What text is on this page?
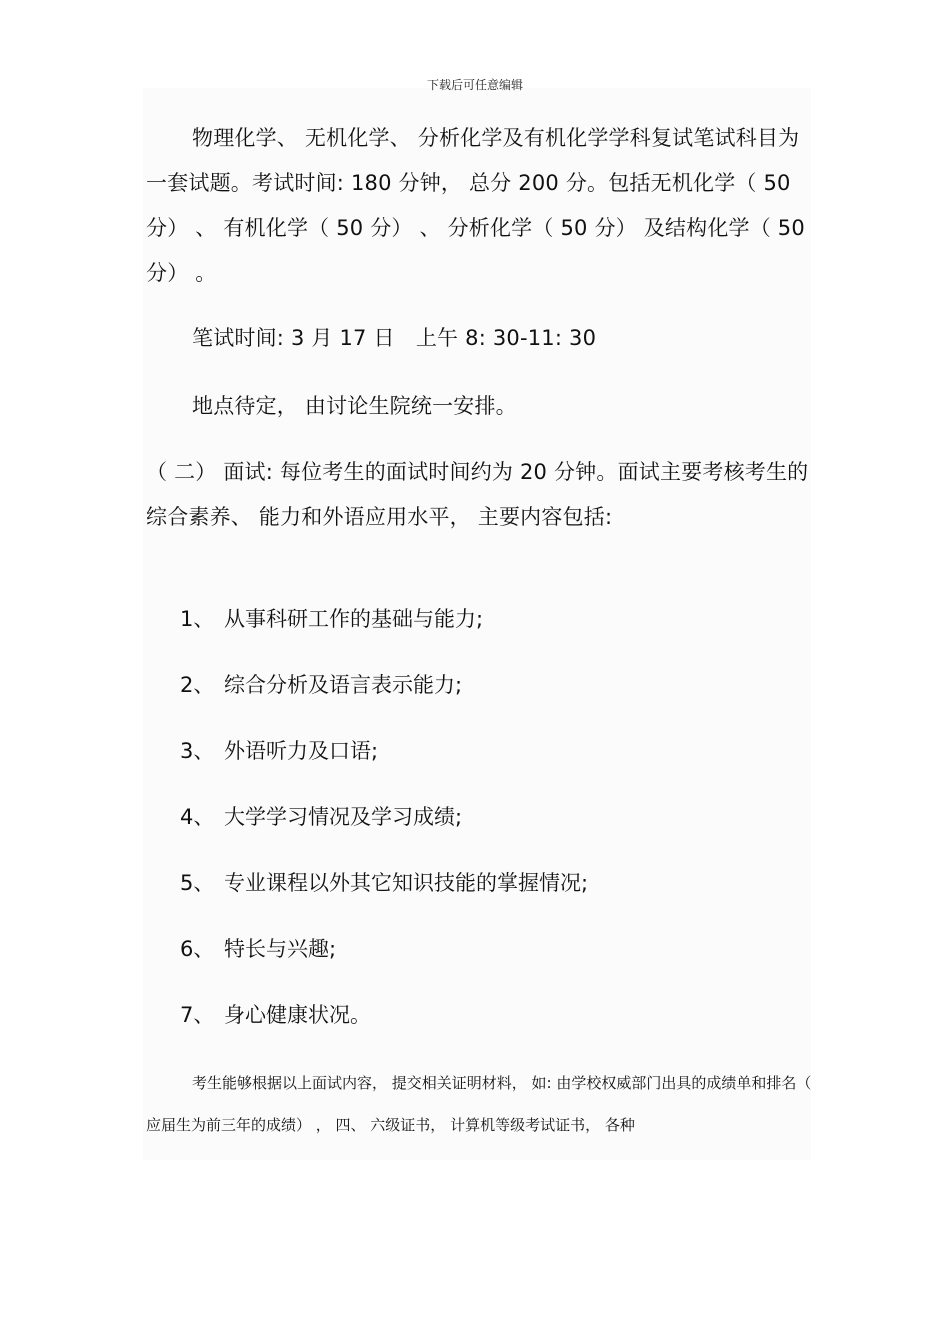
下载后可任意编辑

物理化学、 无机化学、 分析化学及有机化学学科复试笔试科目为一套试题。考试时间: 180 分钟， 总分 200 分。包括无机化学（ 50 分） 、 有机化学（ 50 分） 、 分析化学（ 50 分） 及结构化学（ 50 分） 。

笔试时间: 3 月 17 日　上午 8: 30-11: 30

地点待定， 由讨论生院统一安排。

（ 二） 面试: 每位考生的面试时间约为 20 分钟。面试主要考核考生的综合素养、 能力和外语应用水平， 主要内容包括:

1、 从事科研工作的基础与能力;
2、 综合分析及语言表示能力;
3、 外语听力及口语;
4、 大学学习情况及学习成绩;
5、 专业课程以外其它知识技能的掌握情况;
6、 特长与兴趣;
7、 身心健康状况。

考生能够根据以上面试内容， 提交相关证明材料， 如: 由学校权威部门出具的成绩单和排名（ 应届生为前三年的成绩） ， 四、 六级证书， 计算机等级考试证书， 各种
